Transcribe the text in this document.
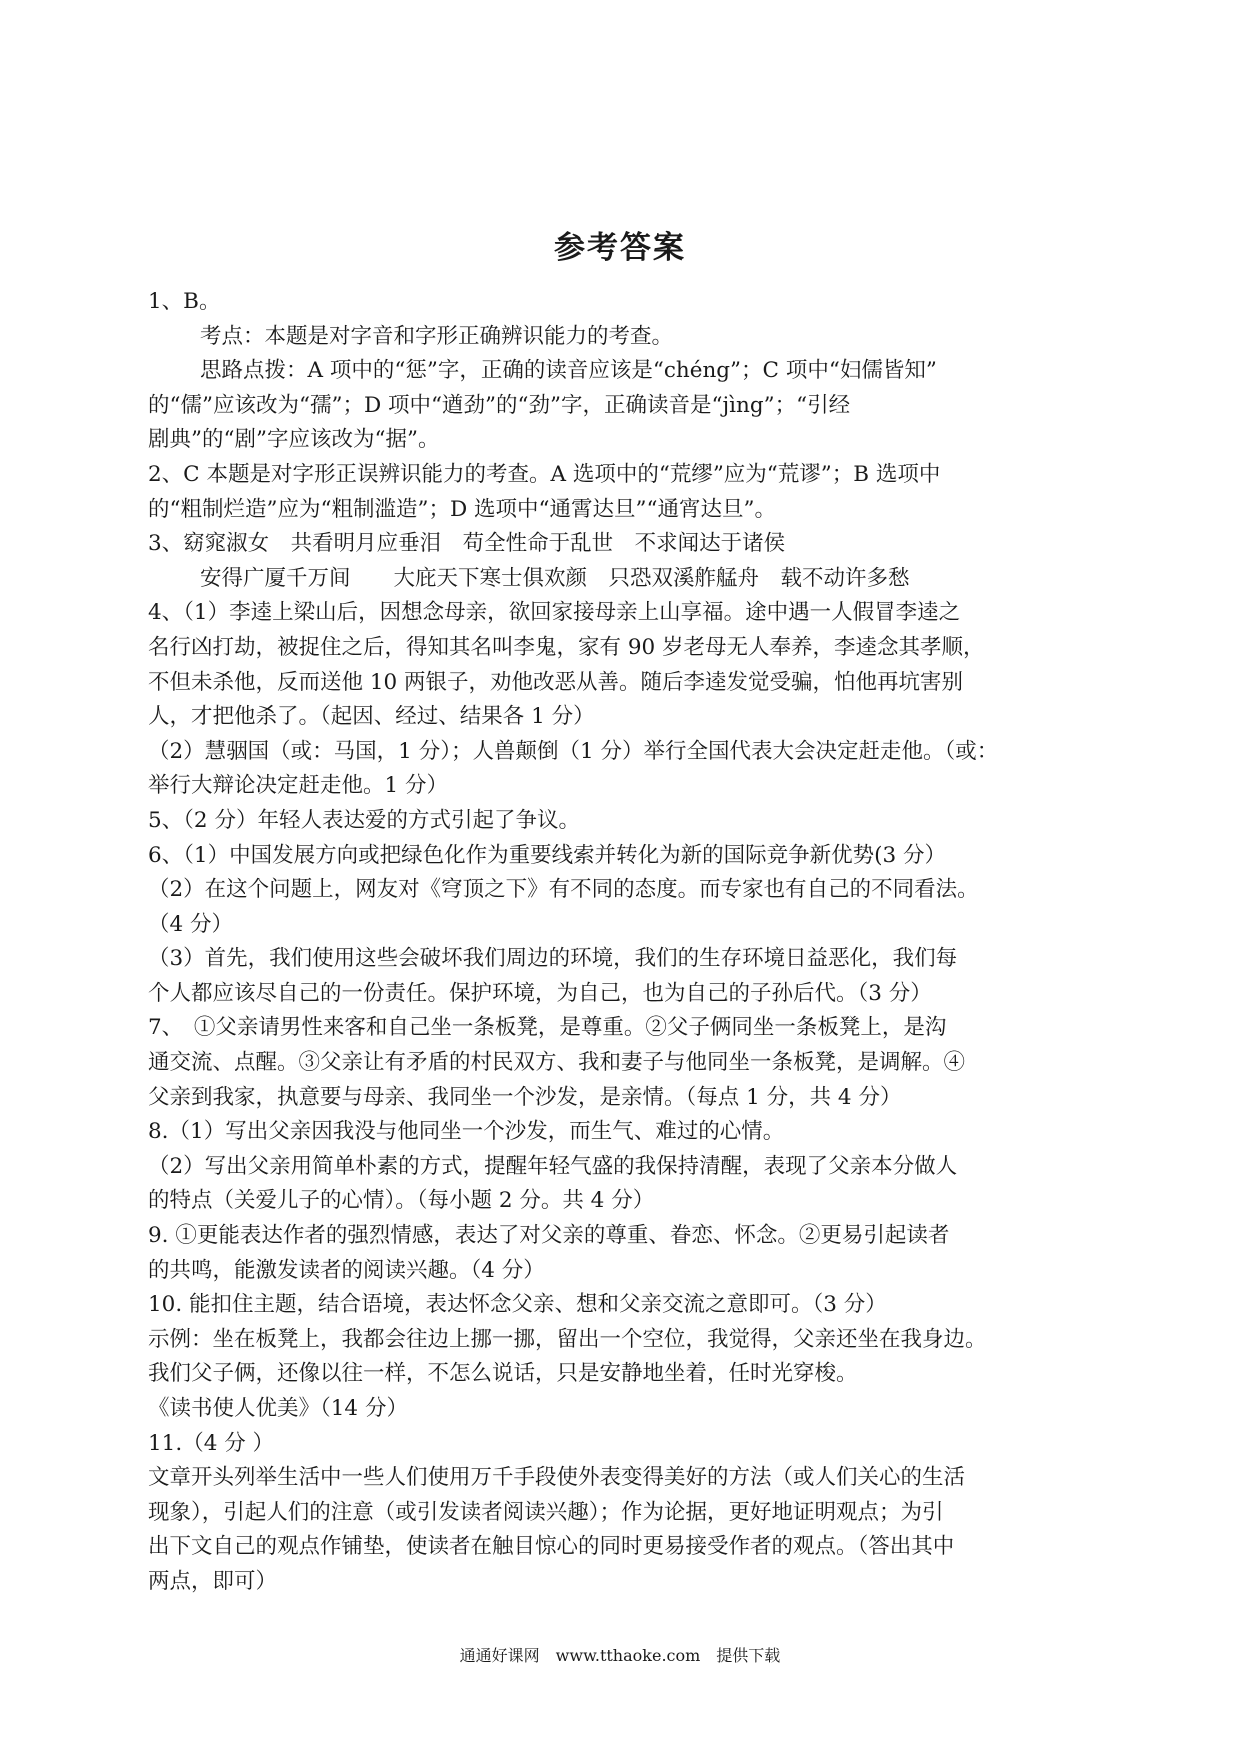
参考答案
1、B。
考点：本题是对字音和字形正确辨识能力的考查。
思路点拨：A 项中的“惩”字，正确的读音应该是“chéng”；C 项中“妇儒皆知”
的“儒”应该改为“孺”；D 项中“遒劲”的“劲”字，正确读音是“jìng”；“引经
剧典”的“剧”字应该改为“据”。
2、C 本题是对字形正误辨识能力的考查。A 选项中的“荒缪”应为“荒谬”；B 选项中
的“粗制烂造”应为“粗制滥造”；D 选项中“通霄达旦”“通宵达旦”。
3、窈窕淑女　共看明月应垂泪　苟全性命于乱世　不求闻达于诸侯
安得广厦千万间　　大庇天下寒士俱欢颜　只恐双溪舴艋舟　载不动许多愁
4、（1）李逵上梁山后，因想念母亲，欲回家接母亲上山享福。途中遇一人假冒李逵之
名行凶打劫，被捉住之后，得知其名叫李鬼，家有 90 岁老母无人奉养，李逵念其孝顺，
不但未杀他，反而送他 10 两银子，劝他改恶从善。随后李逵发觉受骗，怕他再坑害别
人，才把他杀了。（起因、经过、结果各 1 分）
（2）慧骃国（或：马国，1 分）；人兽颠倒（1 分）举行全国代表大会决定赶走他。（或：
举行大辩论决定赶走他。1 分）
5、（2 分）年轻人表达爱的方式引起了争议。
6、（1）中国发展方向或把绿色化作为重要线索并转化为新的国际竞争新优势(3 分）
（2）在这个问题上，网友对《穹顶之下》有不同的态度。而专家也有自己的不同看法。
（4 分）
（3）首先，我们使用这些会破坏我们周边的环境，我们的生存环境日益恶化，我们每
个人都应该尽自己的一份责任。保护环境，为自己，也为自己的子孙后代。（3 分）
7、　①父亲请男性来客和自己坐一条板凳，是尊重。②父子俩同坐一条板凳上，是沟
通交流、点醒。③父亲让有矛盾的村民双方、我和妻子与他同坐一条板凳，是调解。④
父亲到我家，执意要与母亲、我同坐一个沙发，是亲情。（每点 1 分，共 4 分）
8.（1）写出父亲因我没与他同坐一个沙发，而生气、难过的心情。
（2）写出父亲用简单朴素的方式，提醒年轻气盛的我保持清醒，表现了父亲本分做人
的特点（关爱儿子的心情）。（每小题 2 分。共 4 分）
9. ①更能表达作者的强烈情感，表达了对父亲的尊重、眷恋、怀念。②更易引起读者
的共鸣，能激发读者的阅读兴趣。（4 分）
10. 能扣住主题，结合语境，表达怀念父亲、想和父亲交流之意即可。（3 分）
示例：坐在板凳上，我都会往边上挪一挪，留出一个空位，我觉得，父亲还坐在我身边。
我们父子俩，还像以往一样，不怎么说话，只是安静地坐着，任时光穿梭。
《读书使人优美》（14 分）
11.（4 分 ）
文章开头列举生活中一些人们使用万千手段使外表变得美好的方法（或人们关心的生活
现象），引起人们的注意（或引发读者阅读兴趣）；作为论据，更好地证明观点；为引
出下文自己的观点作铺垫，使读者在触目惊心的同时更易接受作者的观点。（答出其中
两点，即可）
通通好课网　www.tthaoke.com　提供下载
